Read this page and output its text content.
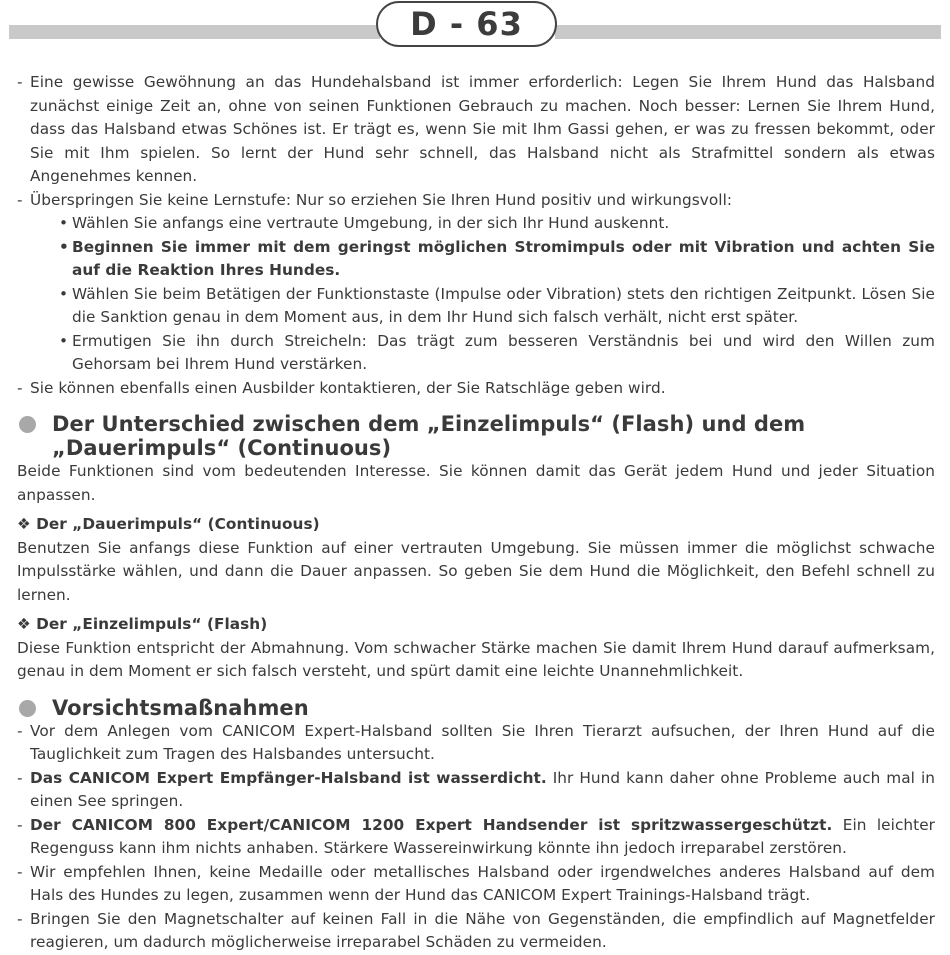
D - 63

- Eine gewisse Gewöhnung an das Hundehalsband ist immer erforderlich: Legen Sie Ihrem Hund das Halsband zunächst einige Zeit an, ohne von seinen Funktionen Gebrauch zu machen. Noch besser: Lernen Sie Ihrem Hund, dass das Halsband etwas Schönes ist. Er trägt es, wenn Sie mit Ihm Gassi gehen, er was zu fressen bekommt, oder Sie mit Ihm spielen. So lernt der Hund sehr schnell, das Halsband nicht als Strafmittel sondern als etwas Angenehmes kennen.

- Überspringen Sie keine Lernstufe: Nur so erziehen Sie Ihren Hund positiv und wirkungsvoll:

• Wählen Sie anfangs eine vertraute Umgebung, in der sich Ihr Hund auskennt.

• Beginnen Sie immer mit dem geringst möglichen Stromimpuls oder mit Vibration und achten Sie auf die Reaktion Ihres Hundes.

• Wählen Sie beim Betätigen der Funktionstaste (Impulse oder Vibration) stets den richtigen Zeitpunkt. Lösen Sie die Sanktion genau in dem Moment aus, in dem Ihr Hund sich falsch verhält, nicht erst später.

• Ermutigen Sie ihn durch Streicheln: Das trägt zum besseren Verständnis bei und wird den Willen zum Gehorsam bei Ihrem Hund verstärken.

- Sie können ebenfalls einen Ausbilder kontaktieren, der Sie Ratschläge geben wird.

Der Unterschied zwischen dem „Einzelimpuls“ (Flash) und dem „Dauerimpuls“ (Continuous)

Beide Funktionen sind vom bedeutenden Interesse. Sie können damit das Gerät jedem Hund und jeder Situation anpassen.

❖ Der „Dauerimpuls“ (Continuous)

Benutzen Sie anfangs diese Funktion auf einer vertrauten Umgebung. Sie müssen immer die möglichst schwache Impulsstärke wählen, und dann die Dauer anpassen. So geben Sie dem Hund die Möglichkeit, den Befehl schnell zu lernen.

❖ Der „Einzelimpuls“ (Flash)

Diese Funktion entspricht der Abmahnung. Vom schwacher Stärke machen Sie damit Ihrem Hund darauf aufmerksam, genau in dem Moment er sich falsch versteht, und spürt damit eine leichte Unannehmlichkeit.

Vorsichtsmaßnahmen

- Vor dem Anlegen vom CANICOM Expert-Halsband sollten Sie Ihren Tierarzt aufsuchen, der Ihren Hund auf die Tauglichkeit zum Tragen des Halsbandes untersucht.

- Das CANICOM Expert Empfänger-Halsband ist wasserdicht. Ihr Hund kann daher ohne Probleme auch mal in einen See springen.

- Der CANICOM 800 Expert/CANICOM 1200 Expert Handsender ist spritzwassergeschützt. Ein leichter Regenguss kann ihm nichts anhaben. Stärkere Wassereinwirkung könnte ihn jedoch irreparabel zerstören.

- Wir empfehlen Ihnen, keine Medaille oder metallisches Halsband oder irgendwelches anderes Halsband auf dem Hals des Hundes zu legen, zusammen wenn der Hund das CANICOM Expert Trainings-Halsband trägt.

- Bringen Sie den Magnetschalter auf keinen Fall in die Nähe von Gegenständen, die empfindlich auf Magnetfelder reagieren, um dadurch möglicherweise irreparabel Schäden zu vermeiden.
